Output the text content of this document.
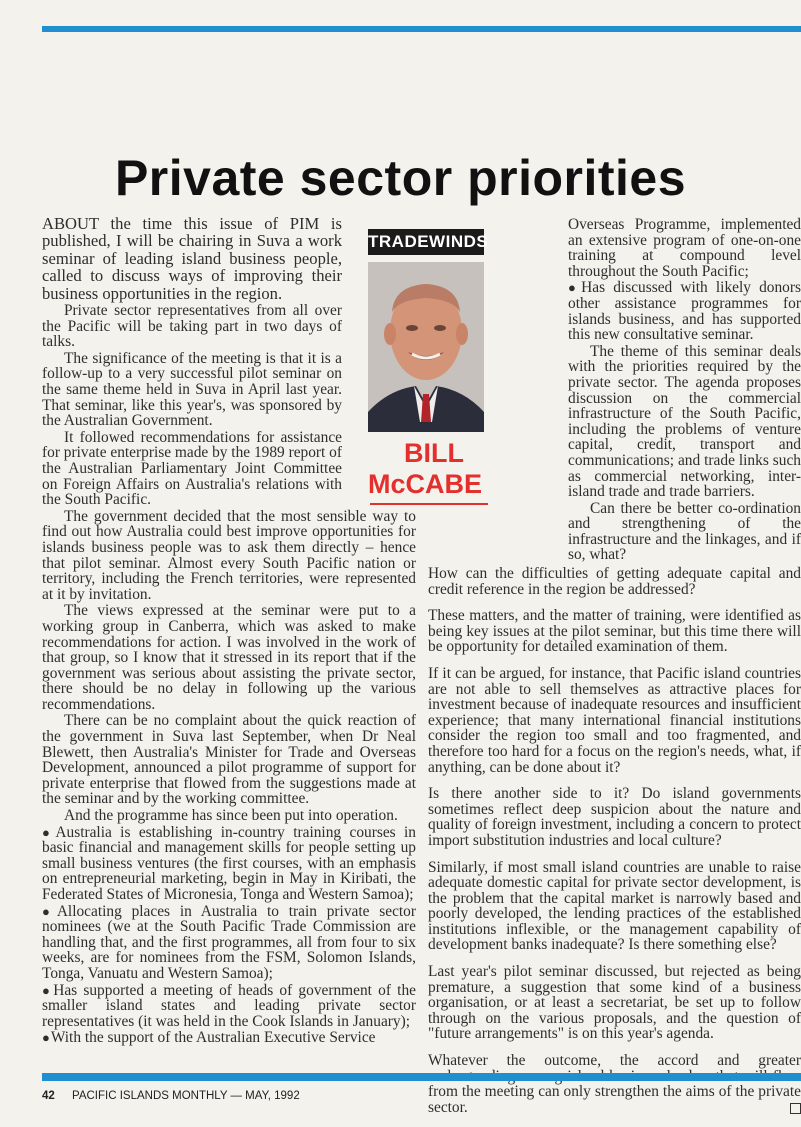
Private sector priorities

ABOUT the time this issue of PIM is published, I will be chairing in Suva a work seminar of leading island business people, called to discuss ways of improving their business opportunities in the region.

Private sector representatives from all over the Pacific will be taking part in two days of talks.

The significance of the meeting is that it is a follow-up to a very successful pilot seminar on the same theme held in Suva in April last year. That seminar, like this year's, was sponsored by the Australian Government.

It followed recommendations for assistance for private enterprise made by the 1989 report of the Australian Parliamentary Joint Committee on Foreign Affairs on Australia's relations with the South Pacific.

The government decided that the most sensible way to find out how Australia could best improve opportunities for islands business people was to ask them directly – hence that pilot seminar. Almost every South Pacific nation or territory, including the French territories, were represented at it by invitation.

The views expressed at the seminar were put to a working group in Canberra, which was asked to make recommendations for action. I was involved in the work of that group, so I know that it stressed in its report that if the government was serious about assisting the private sector, there should be no delay in following up the various recommendations.

There can be no complaint about the quick reaction of the government in Suva last September, when Dr Neal Blewett, then Australia's Minister for Trade and Overseas Development, announced a pilot programme of support for private enterprise that flowed from the suggestions made at the seminar and by the working committee.

And the programme has since been put into operation.

● Australia is establishing in-country training courses in basic financial and management skills for people setting up small business ventures (the first courses, with an emphasis on entrepreneurial marketing, begin in May in Kiribati, the Federated States of Micronesia, Tonga and Western Samoa);

● Allocating places in Australia to train private sector nominees (we at the South Pacific Trade Commission are handling that, and the first programmes, all from four to six weeks, are for nominees from the FSM, Solomon Islands, Tonga, Vanuatu and Western Samoa);

● Has supported a meeting of heads of government of the smaller island states and leading private sector representatives (it was held in the Cook Islands in January);

● With the support of the Australian Executive Service

TRADEWINDS
BILL
McCABE

Overseas Programme, implemented an extensive program of one-on-one training at compound level throughout the South Pacific;

● Has discussed with likely donors other assistance programmes for islands business, and has supported this new consultative seminar.

The theme of this seminar deals with the priorities required by the private sector. The agenda proposes discussion on the commercial infrastructure of the South Pacific, including the problems of venture capital, credit, transport and communications; and trade links such as commercial networking, inter-island trade and trade barriers.

Can there be better co-ordination and strengthening of the infrastructure and the linkages, and if so, what?

How can the difficulties of getting adequate capital and credit reference in the region be addressed?

These matters, and the matter of training, were identified as being key issues at the pilot seminar, but this time there will be opportunity for detailed examination of them.

If it can be argued, for instance, that Pacific island countries are not able to sell themselves as attractive places for investment because of inadequate resources and insufficient experience; that many international financial institutions consider the region too small and too fragmented, and therefore too hard for a focus on the region's needs, what, if anything, can be done about it?

Is there another side to it? Do island governments sometimes reflect deep suspicion about the nature and quality of foreign investment, including a concern to protect import substitution industries and local culture?

Similarly, if most small island countries are unable to raise adequate domestic capital for private sector development, is the problem that the capital market is narrowly based and poorly developed, the lending practices of the established institutions inflexible, or the management capability of development banks inadequate? Is there something else?

Last year's pilot seminar discussed, but rejected as being premature, a suggestion that some kind of a business organisation, or at least a secretariat, be set up to follow through on the various proposals, and the question of "future arrangements" is on this year's agenda.

Whatever the outcome, the accord and greater from the meeting can only strengthen the aims of the private sector.

42 PACIFIC ISLANDS MONTHLY — MAY, 1992
